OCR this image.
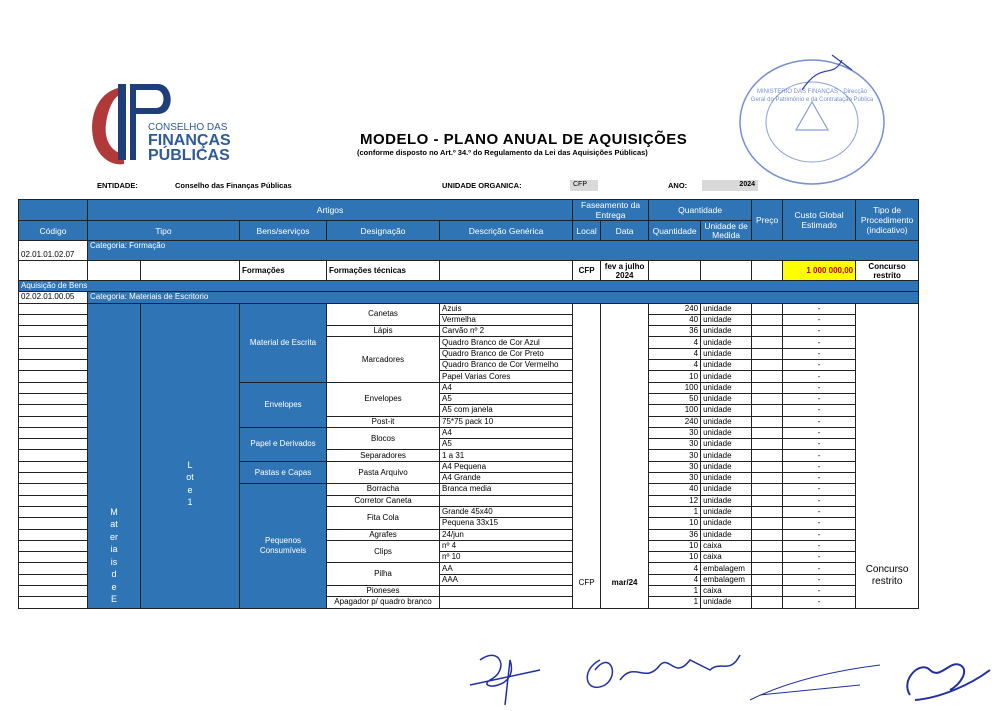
CONSELHO DAS
FINANÇAS
PÚBLICAS
MODELO - PLANO ANUAL DE AQUISIÇÕES
(conforme disposto no Art.º 34.º do Regulamento da Lei das Aquisições Públicas)
ENTIDADE:	Conselho das Finanças Públicas	UNIDADE ORGANICA:	CFP	ANO:	2024
MINISTÉRIO DAS FINANÇAS · Direcção Geral do Património e da Contratação Pública
	Artigos					Faseamento da Entrega		Quantidade		Preço	Custo Global Estimado	Tipo de Procedimento (indicativo)
Código	Tipo		Bens/serviços	Designação	Descrição Genérica	Local	Data	Quantidade	Unidade de Medida			
02.01.01.02.07	Categoria: Formação											
			Formações	Formações técnicas		CFP	fev a julho 2024				1 000 000,00	Concurso restrito
Aquisição de Bens												
02.02.01.00.05	Categoria: Materiais de Escritorio											
	Materiais de E	Lote 1	Material de Escrita	Canetas	Azuis	CFP	mar/24	240	unidade		-	Concurso restrito
					Vermelha			40	unidade		-	
				Lápis	Carvão nº 2			36	unidade		-	
				Marcadores	Quadro Branco de Cor Azul			4	unidade		-	
					Quadro Branco de Cor Preto			4	unidade		-	
					Quadro Branco de Cor Vermelho			4	unidade		-	
					Papel Varias Cores			10	unidade		-	
			Envelopes	Envelopes	A4			100	unidade		-	
					A5			50	unidade		-	
					A5 com janela			100	unidade		-	
				Post-it	75*75 pack 10			240	unidade		-	
			Papel e Derivados	Blocos	A4			30	unidade		-	
					A5			30	unidade		-	
				Separadores	1 a 31			30	unidade		-	
			Pastas e Capas	Pasta Arquivo	A4 Pequena			30	unidade		-	
					A4 Grande			30	unidade		-	
			Pequenos Consumíveis	Borracha	Branca media			40	unidade		-	
				Corretor Caneta				12	unidade		-	
				Fita Cola	Grande 45x40			1	unidade		-	
					Pequena 33x15			10	unidade		-	
				Agrafes	24/jun			36	unidade		-	
				Clips	nº 4			10	caixa		-	
					nº 10			10	caixa		-	
				Pilha	AA			4	embalagem		-	
					AAA			4	embalagem		-	
				Pioneses				1	caixa		-	
				Apagador p/ quadro branco				1	unidade		-	
